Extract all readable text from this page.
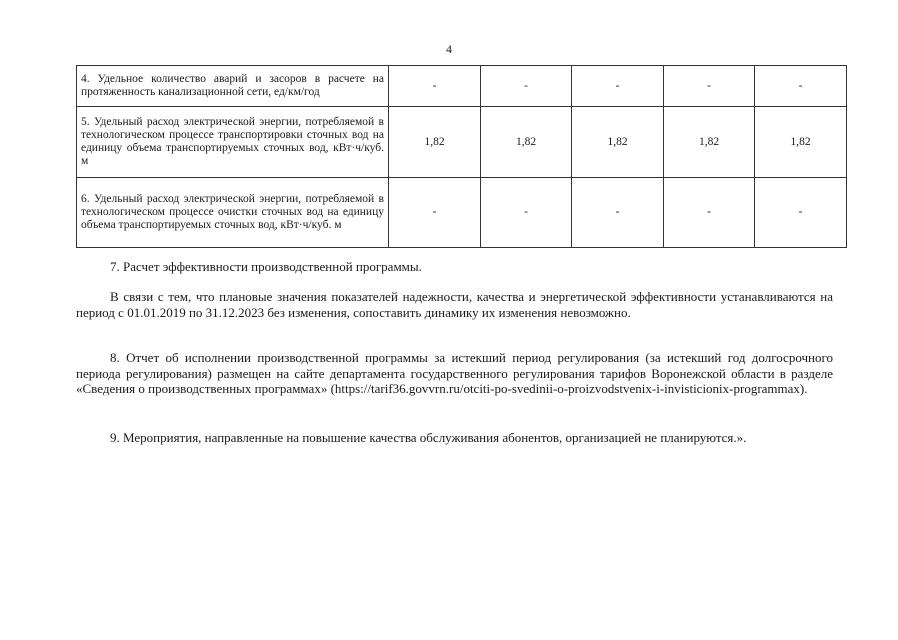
4
4. Удельное количество аварий и засоров в расчете на протяженность канализационной сети, ед/км/год	-	-	-	-	-
5. Удельный расход электрической энергии, потребляемой в технологическом процессе транспортировки сточных вод на единицу объема транспортируемых сточных вод, кВт·ч/куб. м	1,82	1,82	1,82	1,82	1,82
6. Удельный расход электрической энергии, потребляемой в технологическом процессе очистки сточных вод на единицу объема транспортируемых сточных вод, кВт·ч/куб. м	-	-	-	-	-
7. Расчет эффективности производственной программы.
В связи с тем, что плановые значения показателей надежности, качества и энергетической эффективности устанавливаются на период с 01.01.2019 по 31.12.2023 без изменения, сопоставить динамику их изменения невозможно.
8. Отчет об исполнении производственной программы за истекший период регулирования (за истекший год долгосрочного периода регулирования) размещен на сайте департамента государственного регулирования тарифов Воронежской области в разделе «Сведения о производственных программах» (https://tarif36.govvrn.ru/otciti-po-svedinii-o-proizvodstvenix-i-invisticionix-programmax).
9. Мероприятия, направленные на повышение качества обслуживания абонентов, организацией не планируются.».
